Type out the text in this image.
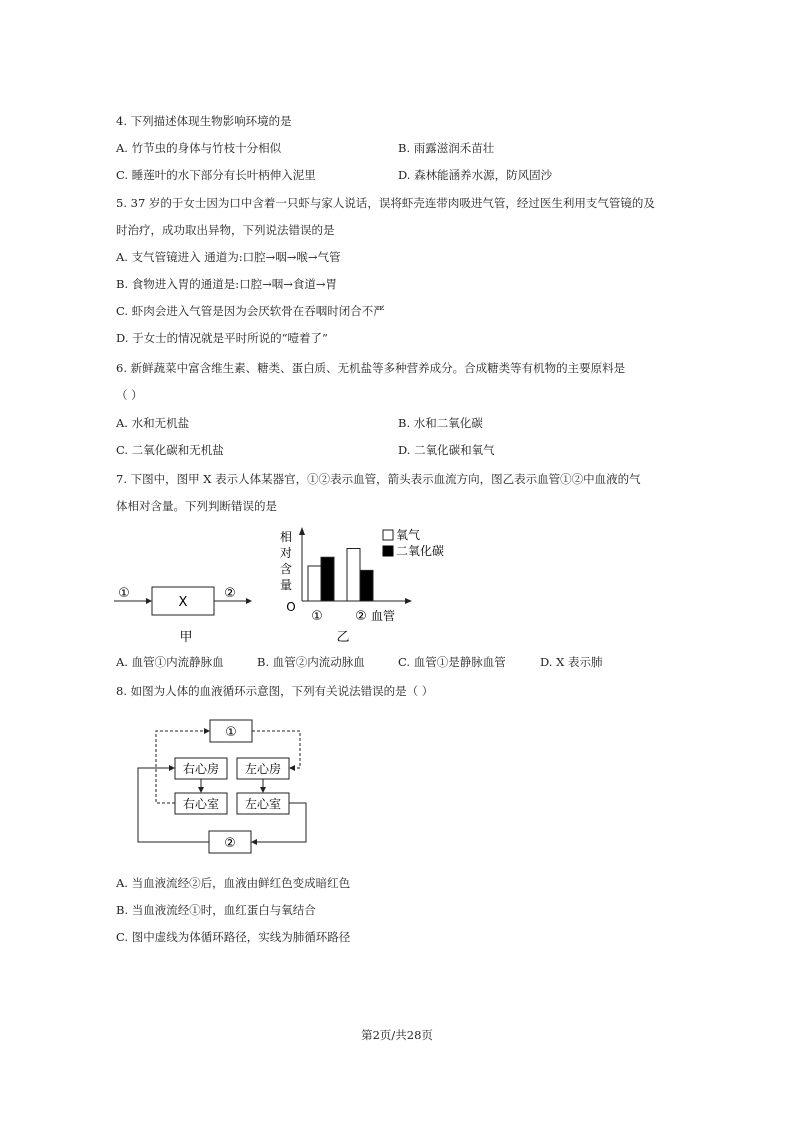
4. 下列描述体现生物影响环境的是
A. 竹节虫的身体与竹枝十分相似	B. 雨露滋润禾苗壮
C. 睡莲叶的水下部分有长叶柄伸入泥里	D. 森林能涵养水源，防风固沙
5. 37 岁的于女士因为口中含着一只虾与家人说话，误将虾壳连带肉吸进气管，经过医生利用支气管镜的及
时治疗，成功取出异物，下列说法错误的是
A. 支气管镜进入 通道为:口腔→咽→喉→气管
B. 食物进入胃的通道是:口腔→咽→食道→胃
C. 虾肉会进入气管是因为会厌软骨在吞咽时闭合不严
D. 于女士的情况就是平时所说的“噎着了”
6. 新鲜蔬菜中富含维生素、糖类、蛋白质、无机盐等多种营养成分。合成糖类等有机物的主要原料是
（ ）
A. 水和无机盐	B. 水和二氧化碳
C. 二氧化碳和无机盐	D. 二氧化碳和氧气
7. 下图中，图甲 X 表示人体某器官，①②表示血管，箭头表示血流方向，图乙表示血管①②中血液的气
体相对含量。下列判断错误的是
①
X
②
甲
相
对
含
量
O
① ② 血管
乙
氧气
二氧化碳
A. 血管①内流静脉血	B. 血管②内流动脉血	C. 血管①是静脉血管	D. X 表示肺
8. 如图为人体的血液循环示意图，下列有关说法错误的是（ ）
①
右心房 左心房
右心室 左心室
②
A. 当血液流经②后，血液由鲜红色变成暗红色
B. 当血液流经①时，血红蛋白与氧结合
C. 图中虚线为体循环路径，实线为肺循环路径
第2页/共28页
